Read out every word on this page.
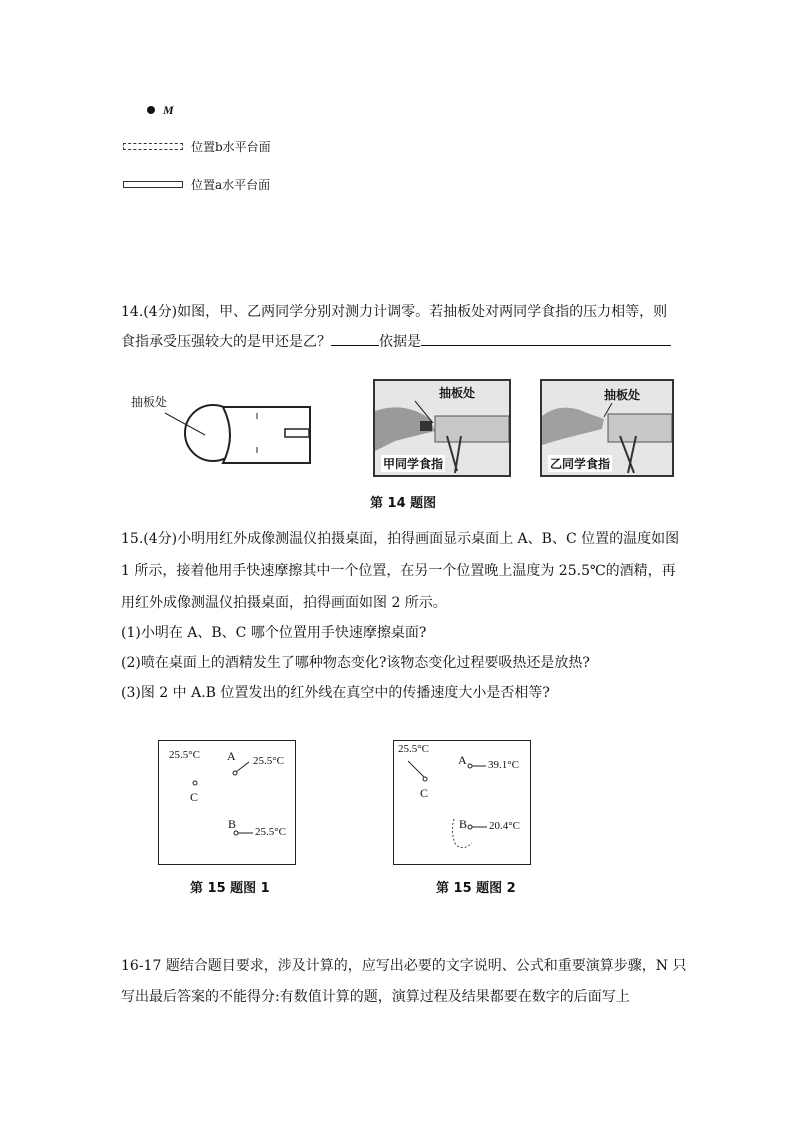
M
位置b水平台面
位置a水平台面
14.(4分)如图，甲、乙两同学分别对测力计调零。若抽板处对两同学食指的压力相等，则
食指承受压强较大的是甲还是乙？	依据是
抽板处
抽板处
甲同学食指
抽板处
乙同学食指
第 14 题图
15.(4分)小明用红外成像测温仪拍摄桌面，拍得画面显示桌面上 A、B、C 位置的温度如图
1 所示，接着他用手快速摩擦其中一个位置，在另一个位置晚上温度为 25.5℃的酒精，再
用红外成像测温仪拍摄桌面，拍得画面如图 2 所示。
(1)小明在 A、B、C 哪个位置用手快速摩擦桌面?
(2)喷在桌面上的酒精发生了哪种物态变化?该物态变化过程要吸热还是放热?
(3)图 2 中 A.B 位置发出的红外线在真空中的传播速度大小是否相等?
25.5°C A 25.5°C
C
B
25.5°C
第 15 题图 1
25.5°C
A 39.1°C
C
B 20.4°C
第 15 题图 2
16-17 题结合题目要求，涉及计算的，应写出必要的文字说明、公式和重要演算步骤，N 只
写出最后答案的不能得分:有数值计算的题，演算过程及结果都要在数字的后面写上
